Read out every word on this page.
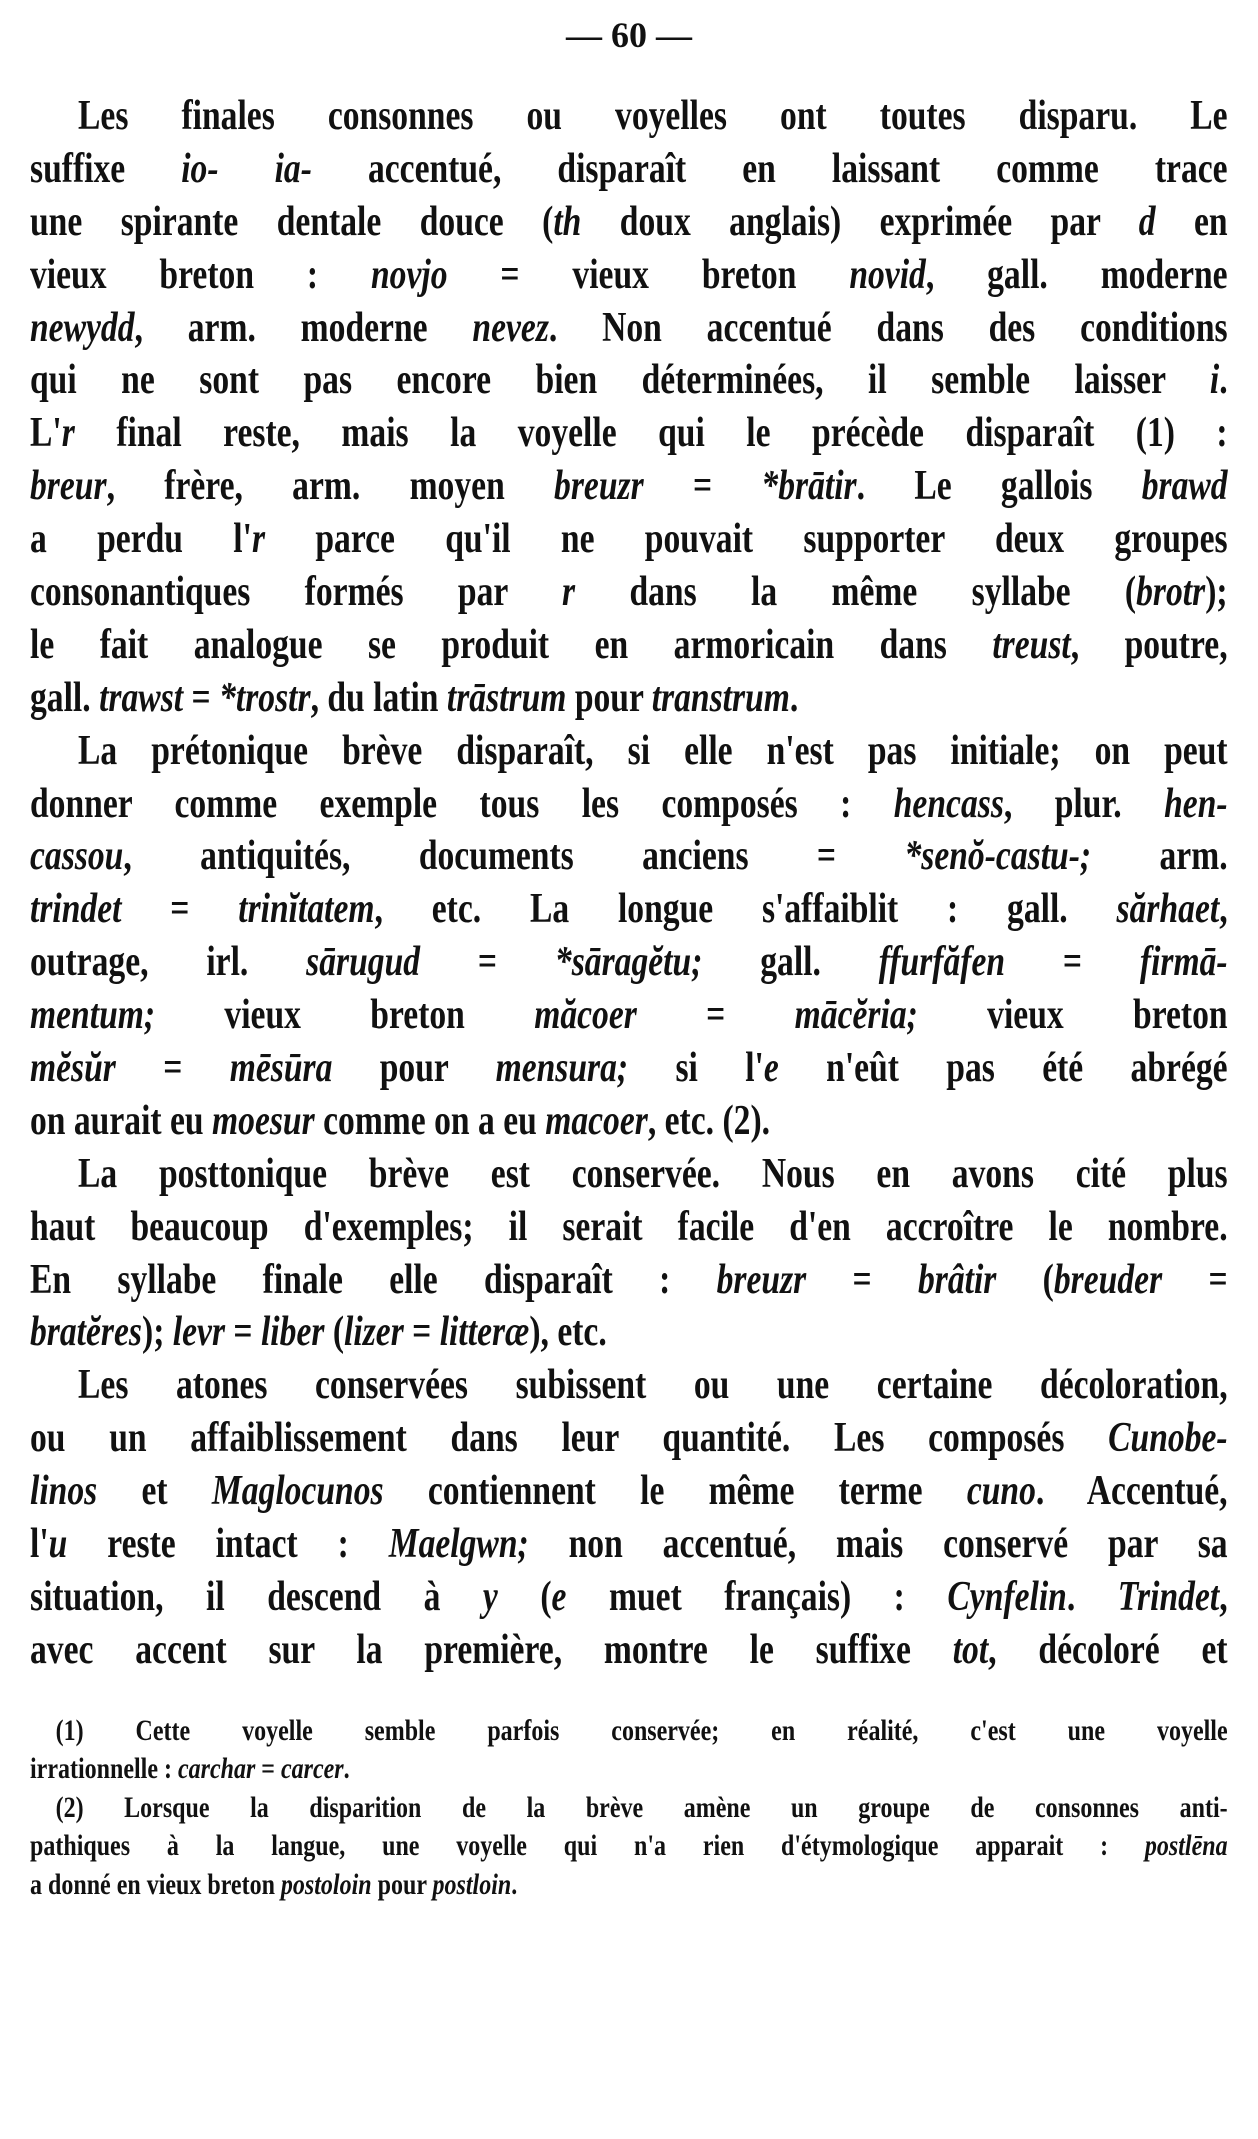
— 60 —
Les finales consonnes ou voyelles ont toutes disparu. Le
suffixe io- ia- accentué, disparaît en laissant comme trace
une spirante dentale douce (th doux anglais) exprimée par d en
vieux breton : novjo = vieux breton novid, gall. moderne
newydd, arm. moderne nevez. Non accentué dans des conditions
qui ne sont pas encore bien déterminées, il semble laisser i.
L'r final reste, mais la voyelle qui le précède disparaît (1) :
breur, frère, arm. moyen breuzr = *brātir. Le gallois brawd
a perdu l'r parce qu'il ne pouvait supporter deux groupes
consonantiques formés par r dans la même syllabe (brotr);
le fait analogue se produit en armoricain dans treust, poutre,
gall. trawst = *trostr, du latin trāstrum pour transtrum.
La prétonique brève disparaît, si elle n'est pas initiale; on peut
donner comme exemple tous les composés : hencass, plur. hen-
cassou, antiquités, documents anciens = *senŏ-castu-; arm.
trindet = trinĭtatem, etc. La longue s'affaiblit : gall. sărhaet,
outrage, irl. sārugud = *sāragĕtu; gall. ffurfăfen = firmā-
mentum; vieux breton măcoer = mācĕria; vieux breton
mĕsŭr = mēsūra pour mensura; si l'e n'eût pas été abrégé
on aurait eu moesur comme on a eu macoer, etc. (2).
La posttonique brève est conservée. Nous en avons cité plus
haut beaucoup d'exemples; il serait facile d'en accroître le nombre.
En syllabe finale elle disparaît : breuzr = brâtir (breuder =
bratĕres); levr = liber (lizer = litteræ), etc.
Les atones conservées subissent ou une certaine décoloration,
ou un affaiblissement dans leur quantité. Les composés Cunobe-
linos et Maglocunos contiennent le même terme cuno. Accentué,
l'u reste intact : Maelgwn; non accentué, mais conservé par sa
situation, il descend à y (e muet français) : Cynfelin. Trindet,
avec accent sur la première, montre le suffixe tot, décoloré et
(1) Cette voyelle semble parfois conservée; en réalité, c'est une voyelle
irrationnelle : carchar = carcer.
(2) Lorsque la disparition de la brève amène un groupe de consonnes anti-
pathiques à la langue, une voyelle qui n'a rien d'étymologique apparait : postlēna
a donné en vieux breton postoloin pour postloin.
